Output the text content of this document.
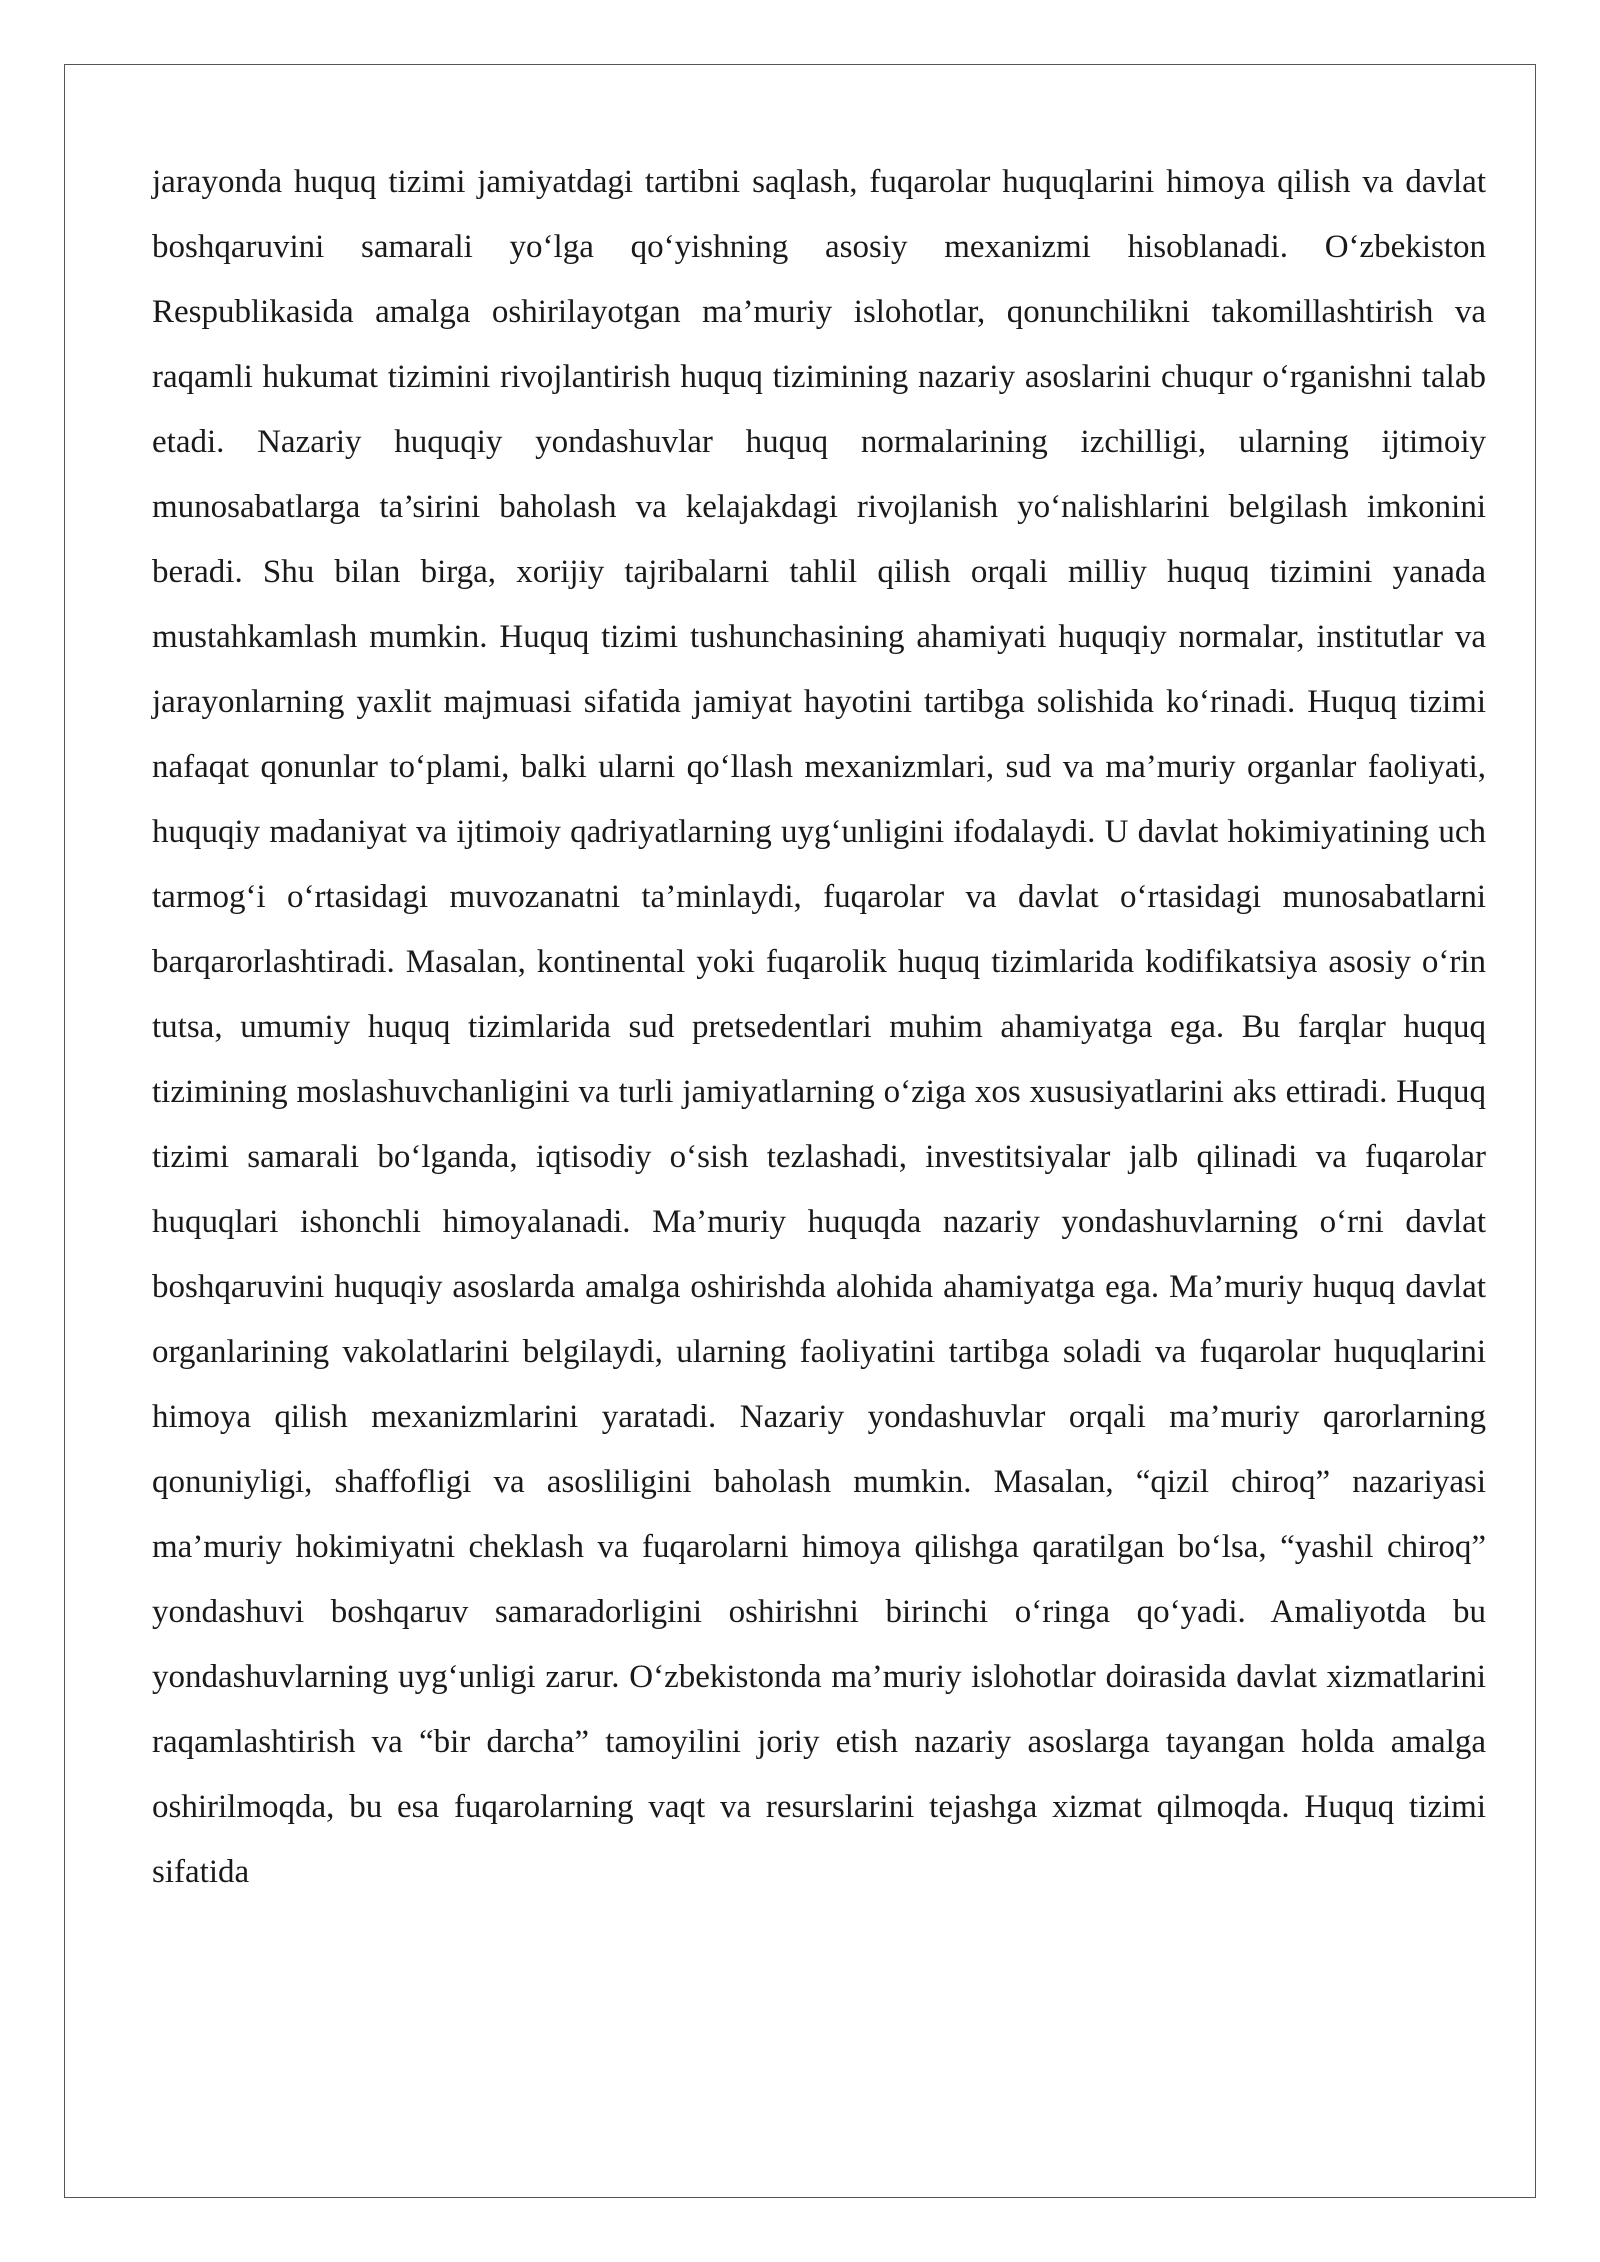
jarayonda huquq tizimi jamiyatdagi tartibni saqlash, fuqarolar huquqlarini himoya qilish va davlat boshqaruvini samarali yo‘lga qo‘yishning asosiy mexanizmi hisoblanadi. O‘zbekiston Respublikasida amalga oshirilayotgan ma’muriy islohotlar, qonunchilikni takomillashtirish va raqamli hukumat tizimini rivojlantirish huquq tizimining nazariy asoslarini chuqur o‘rganishni talab etadi. Nazariy huquqiy yondashuvlar huquq normalarining izchilligi, ularning ijtimoiy munosabatlarga ta’sirini baholash va kelajakdagi rivojlanish yo‘nalishlarini belgilash imkonini beradi. Shu bilan birga, xorijiy tajribalarni tahlil qilish orqali milliy huquq tizimini yanada mustahkamlash mumkin. Huquq tizimi tushunchasining ahamiyati huquqiy normalar, institutlar va jarayonlarning yaxlit majmuasi sifatida jamiyat hayotini tartibga solishida ko‘rinadi. Huquq tizimi nafaqat qonunlar to‘plami, balki ularni qo‘llash mexanizmlari, sud va ma’muriy organlar faoliyati, huquqiy madaniyat va ijtimoiy qadriyatlarning uyg‘unligini ifodalaydi. U davlat hokimiyatining uch tarmog‘i o‘rtasidagi muvozanatni ta’minlaydi, fuqarolar va davlat o‘rtasidagi munosabatlarni barqarorlashtiradi. Masalan, kontinental yoki fuqarolik huquq tizimlarida kodifikatsiya asosiy o‘rin tutsa, umumiy huquq tizimlarida sud pretsedentlari muhim ahamiyatga ega. Bu farqlar huquq tizimining moslashuvchanligini va turli jamiyatlarning o‘ziga xos xususiyatlarini aks ettiradi. Huquq tizimi samarali bo‘lganda, iqtisodiy o‘sish tezlashadi, investitsiyalar jalb qilinadi va fuqarolar huquqlari ishonchli himoyalanadi. Ma’muriy huquqda nazariy yondashuvlarning o‘rni davlat boshqaruvini huquqiy asoslarda amalga oshirishda alohida ahamiyatga ega. Ma’muriy huquq davlat organlarining vakolatlarini belgilaydi, ularning faoliyatini tartibga soladi va fuqarolar huquqlarini himoya qilish mexanizmlarini yaratadi. Nazariy yondashuvlar orqali ma’muriy qarorlarning qonuniyligi, shaffofligi va asosliligini baholash mumkin. Masalan, “qizil chiroq” nazariyasi ma’muriy hokimiyatni cheklash va fuqarolarni himoya qilishga qaratilgan bo‘lsa, “yashil chiroq” yondashuvi boshqaruv samaradorligini oshirishni birinchi o‘ringa qo‘yadi. Amaliyotda bu yondashuvlarning uyg‘unligi zarur. O‘zbekistonda ma’muriy islohotlar doirasida davlat xizmatlarini raqamlashtirish va “bir darcha” tamoyilini joriy etish nazariy asoslarga tayangan holda amalga oshirilmoqda, bu esa fuqarolarning vaqt va resurslarini tejashga xizmat qilmoqda. Huquq tizimi sifatida
